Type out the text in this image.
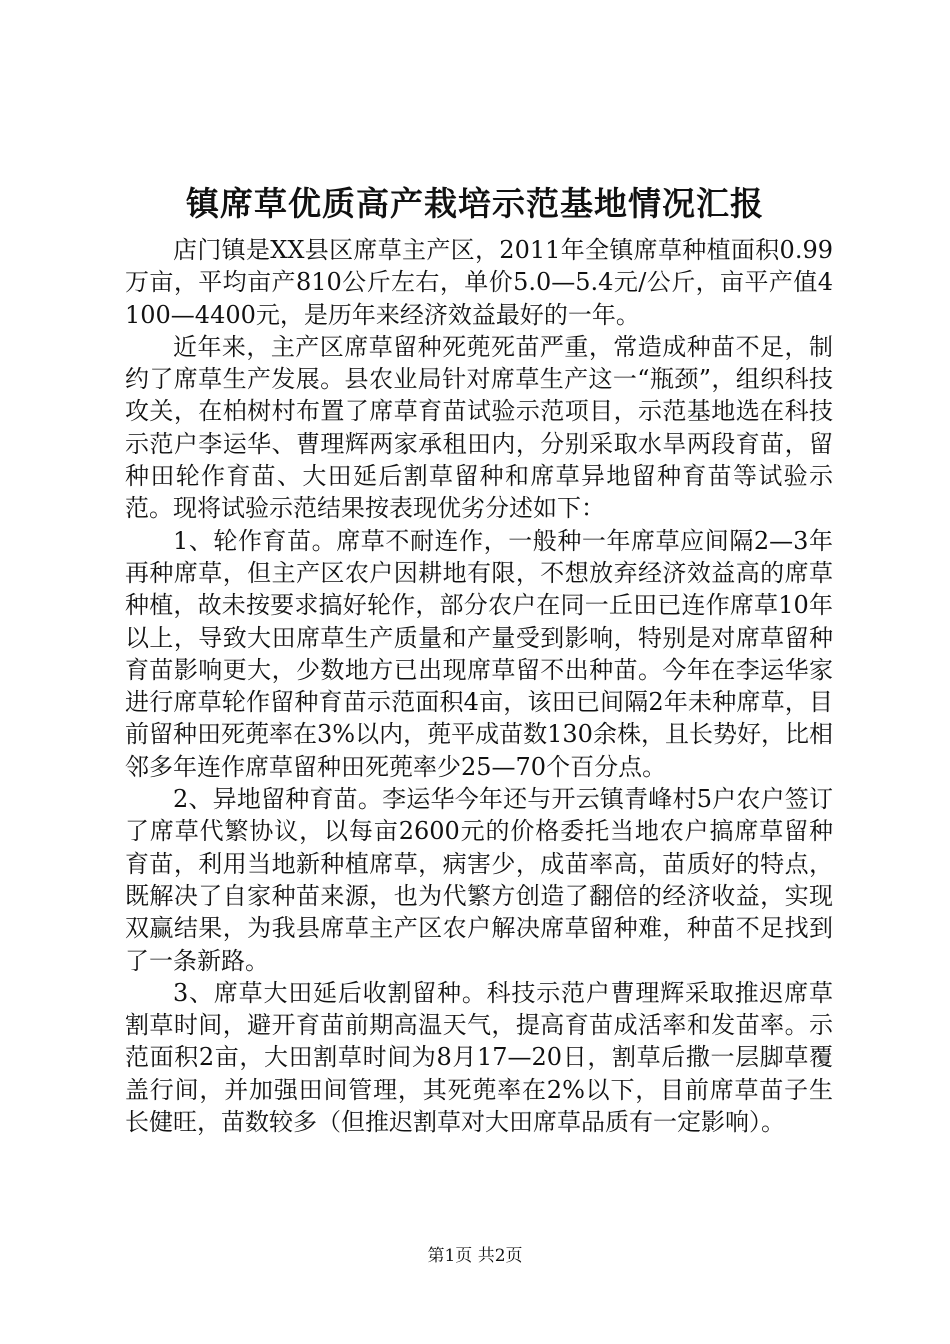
镇席草优质高产栽培示范基地情况汇报

店门镇是XX县区席草主产区，2011年全镇席草种植面积0.99万亩，平均亩产810公斤左右，单价5.0—5.4元/公斤，亩平产值4100—4400元，是历年来经济效益最好的一年。

近年来，主产区席草留种死蔸死苗严重，常造成种苗不足，制约了席草生产发展。县农业局针对席草生产这一“瓶颈”，组织科技攻关，在柏树村布置了席草育苗试验示范项目，示范基地选在科技示范户李运华、曹理辉两家承租田内，分别采取水旱两段育苗，留种田轮作育苗、大田延后割草留种和席草异地留种育苗等试验示范。现将试验示范结果按表现优劣分述如下：

1、轮作育苗。席草不耐连作，一般种一年席草应间隔2—3年再种席草，但主产区农户因耕地有限，不想放弃经济效益高的席草种植，故未按要求搞好轮作，部分农户在同一丘田已连作席草10年以上，导致大田席草生产质量和产量受到影响，特别是对席草留种育苗影响更大，少数地方已出现席草留不出种苗。今年在李运华家进行席草轮作留种育苗示范面积4亩，该田已间隔2年未种席草，目前留种田死蔸率在3%以内，蔸平成苗数130余株，且长势好，比相邻多年连作席草留种田死蔸率少25—70个百分点。

2、异地留种育苗。李运华今年还与开云镇青峰村5户农户签订了席草代繁协议，以每亩2600元的价格委托当地农户搞席草留种育苗，利用当地新种植席草，病害少，成苗率高，苗质好的特点，既解决了自家种苗来源，也为代繁方创造了翻倍的经济收益，实现双赢结果，为我县席草主产区农户解决席草留种难，种苗不足找到了一条新路。

3、席草大田延后收割留种。科技示范户曹理辉采取推迟席草割草时间，避开育苗前期高温天气，提高育苗成活率和发苗率。示范面积2亩，大田割草时间为8月17—20日，割草后撒一层脚草覆盖行间，并加强田间管理，其死蔸率在2%以下，目前席草苗子生长健旺，苗数较多（但推迟割草对大田席草品质有一定影响）。

第1页 共2页
